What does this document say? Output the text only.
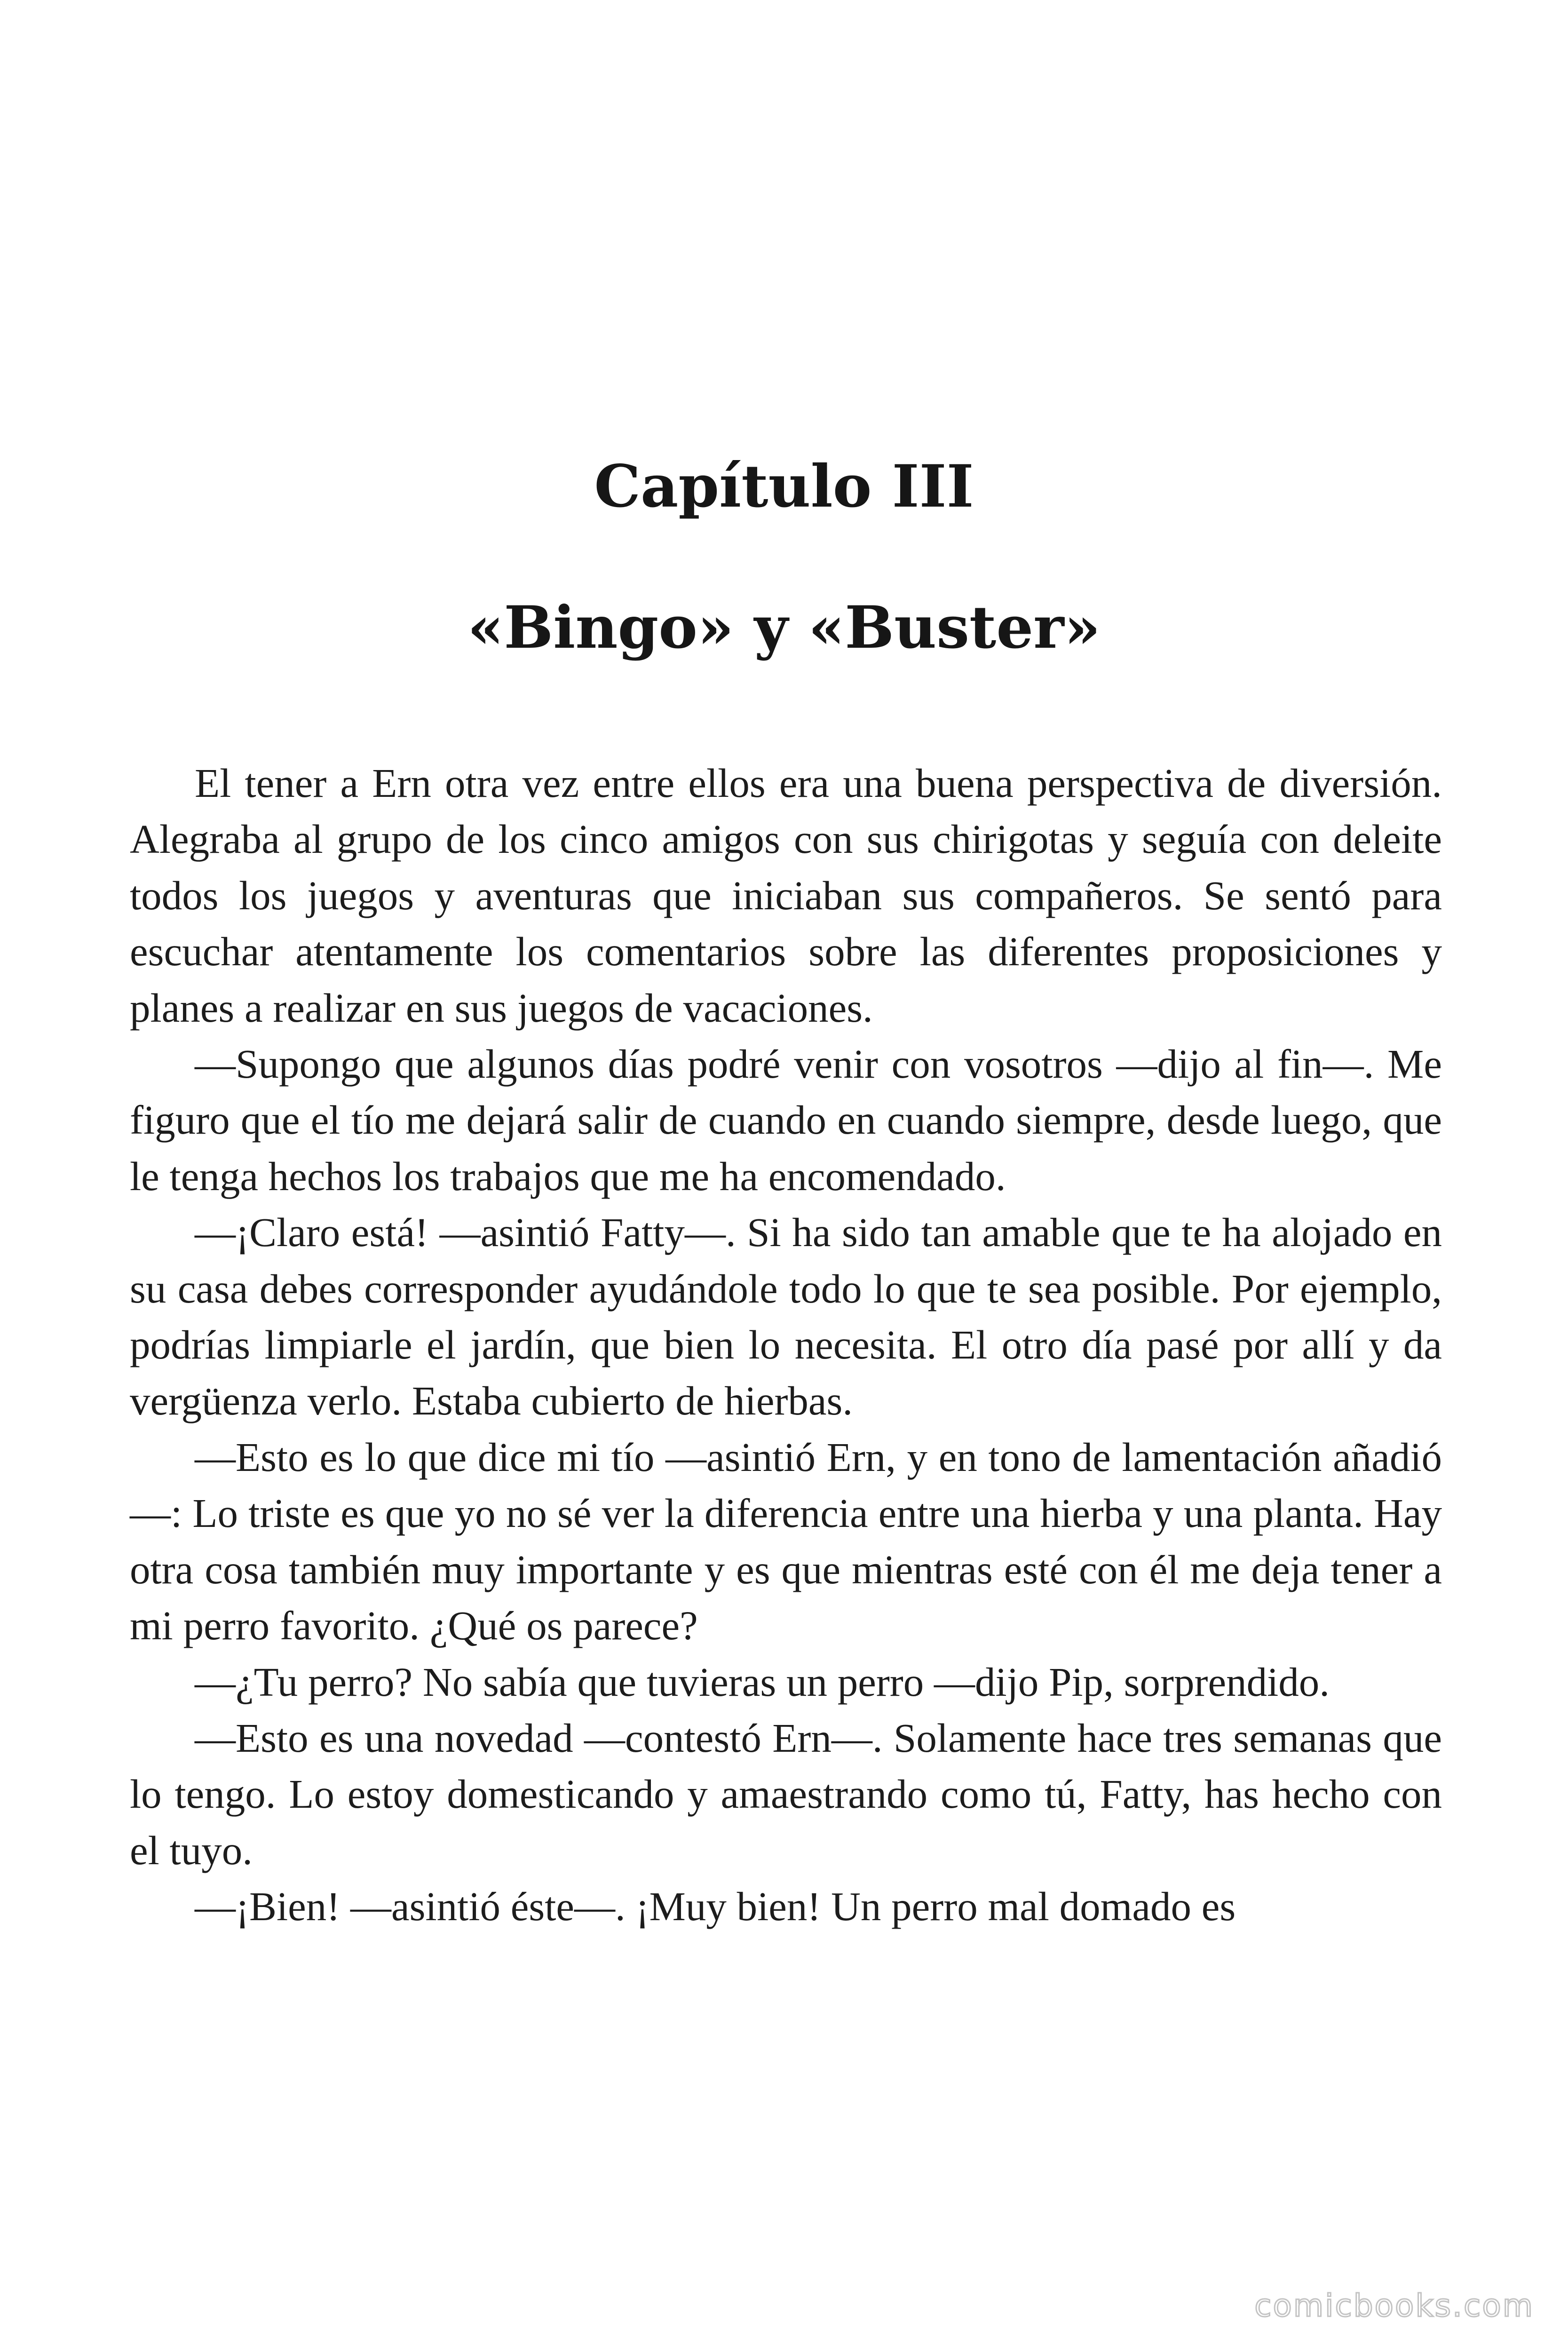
Capítulo III
«Bingo» y «Buster»

El tener a Ern otra vez entre ellos era una buena perspectiva de diversión. Alegraba al grupo de los cinco amigos con sus chirigotas y seguía con deleite todos los juegos y aventuras que iniciaban sus compañeros. Se sentó para escuchar atentamente los comentarios sobre las diferentes proposiciones y planes a realizar en sus juegos de vacaciones.

—Supongo que algunos días podré venir con vosotros —dijo al fin—. Me figuro que el tío me dejará salir de cuando en cuando siempre, desde luego, que le tenga hechos los trabajos que me ha encomendado.

—¡Claro está! —asintió Fatty—. Si ha sido tan amable que te ha alojado en su casa debes corresponder ayudándole todo lo que te sea posible. Por ejemplo, podrías limpiarle el jardín, que bien lo necesita. El otro día pasé por allí y da vergüenza verlo. Estaba cubierto de hierbas.

—Esto es lo que dice mi tío —asintió Ern, y en tono de lamentación añadió—: Lo triste es que yo no sé ver la diferencia entre una hierba y una planta. Hay otra cosa también muy importante y es que mientras esté con él me deja tener a mi perro favorito. ¿Qué os parece?

—¿Tu perro? No sabía que tuvieras un perro —dijo Pip, sorprendido.

—Esto es una novedad —contestó Ern—. Solamente hace tres semanas que lo tengo. Lo estoy domesticando y amaestrando como tú, Fatty, has hecho con el tuyo.

—¡Bien! —asintió éste—. ¡Muy bien! Un perro mal domado es

comicbooks.com
